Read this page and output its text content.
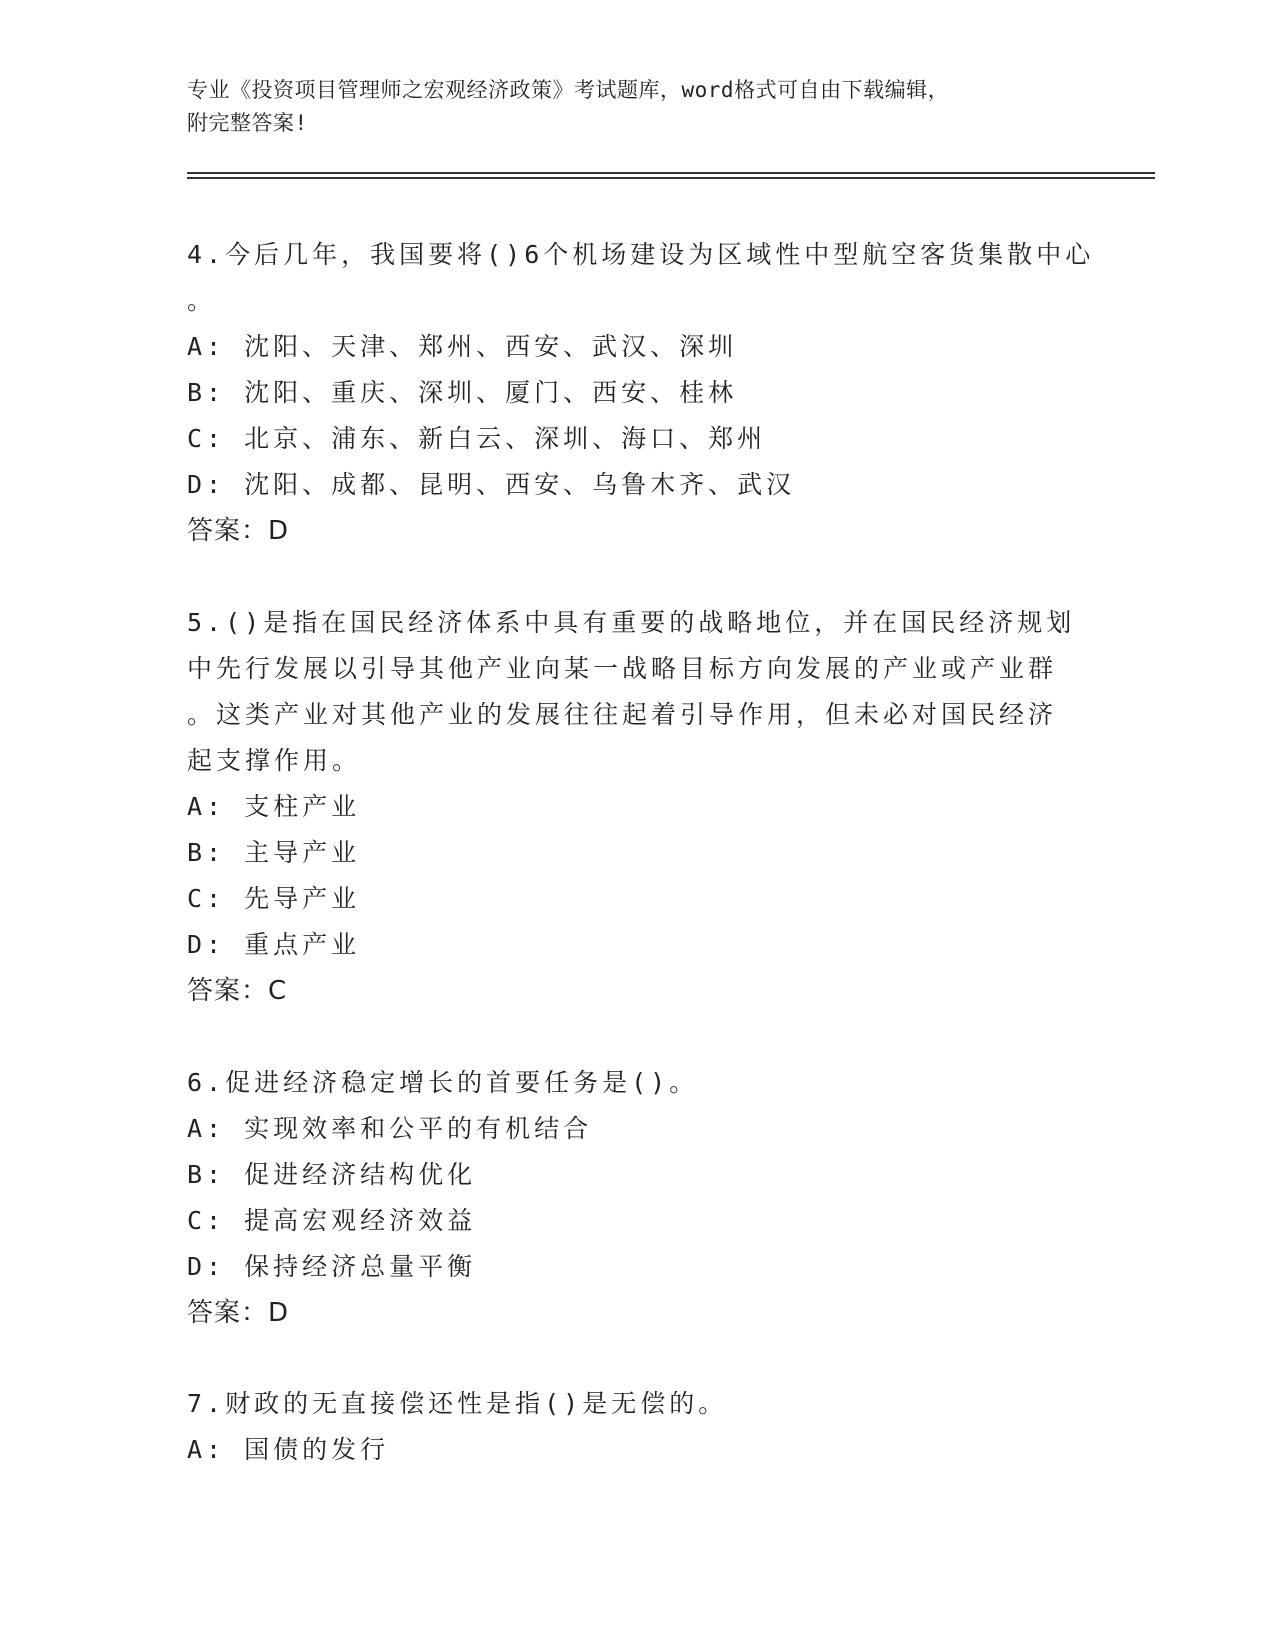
专业《投资项目管理师之宏观经济政策》考试题库，word格式可自由下载编辑，

附完整答案!

4.今后几年，我国要将()6个机场建设为区域性中型航空客货集散中心
。
A: 沈阳、天津、郑州、西安、武汉、深圳
B: 沈阳、重庆、深圳、厦门、西安、桂林
C: 北京、浦东、新白云、深圳、海口、郑州
D: 沈阳、成都、昆明、西安、乌鲁木齐、武汉
答案：D
5.()是指在国民经济体系中具有重要的战略地位，并在国民经济规划
中先行发展以引导其他产业向某一战略目标方向发展的产业或产业群
。这类产业对其他产业的发展往往起着引导作用，但未必对国民经济
起支撑作用。
A: 支柱产业
B: 主导产业
C: 先导产业
D: 重点产业
答案：C
6.促进经济稳定增长的首要任务是()。
A: 实现效率和公平的有机结合
B: 促进经济结构优化
C: 提高宏观经济效益
D: 保持经济总量平衡
答案：D
7.财政的无直接偿还性是指()是无偿的。
A: 国债的发行
